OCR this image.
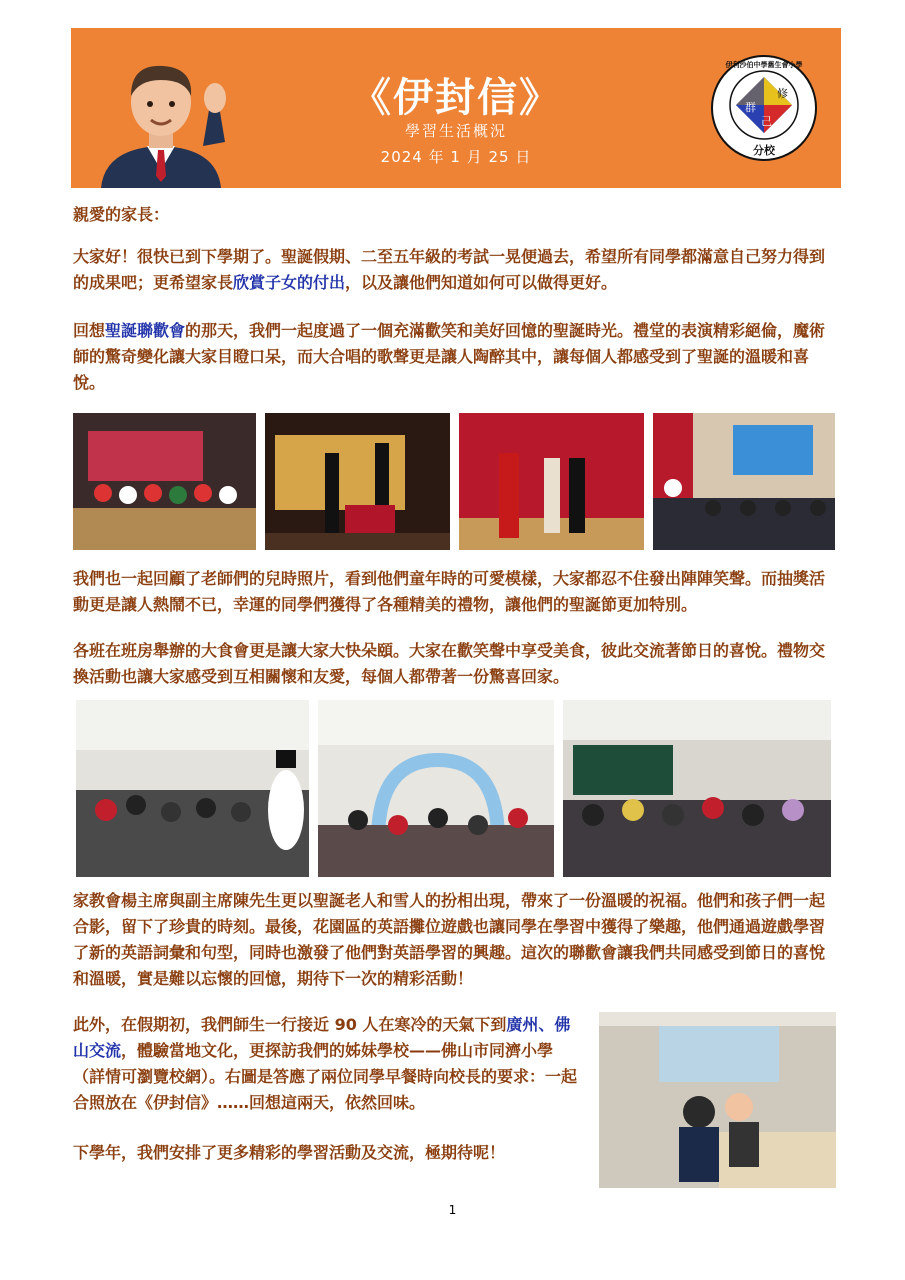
《伊封信》
學習生活概況
2024 年 1 月 25 日
修
群
己
分校
伊利沙伯中學舊生會小學

親愛的家長：

大家好！很快已到下學期了。聖誕假期、二至五年級的考試一晃便過去，希望所有同學都滿意自己努力得到的成果吧；更希望家長欣賞子女的付出，以及讓他們知道如何可以做得更好。

回想聖誕聯歡會的那天，我們一起度過了一個充滿歡笑和美好回憶的聖誕時光。禮堂的表演精彩絕倫，魔術師的驚奇變化讓大家目瞪口呆，而大合唱的歌聲更是讓人陶醉其中，讓每個人都感受到了聖誕的溫暖和喜悅。

我們也一起回顧了老師們的兒時照片，看到他們童年時的可愛模樣，大家都忍不住發出陣陣笑聲。而抽獎活動更是讓人熱鬧不已，幸運的同學們獲得了各種精美的禮物，讓他們的聖誕節更加特別。

各班在班房舉辦的大食會更是讓大家大快朵頤。大家在歡笑聲中享受美食，彼此交流著節日的喜悅。禮物交換活動也讓大家感受到互相關懷和友愛，每個人都帶著一份驚喜回家。

家教會楊主席與副主席陳先生更以聖誕老人和雪人的扮相出現，帶來了一份溫暖的祝福。他們和孩子們一起合影，留下了珍貴的時刻。最後，花園區的英語攤位遊戲也讓同學在學習中獲得了樂趣，他們通過遊戲學習了新的英語詞彙和句型，同時也激發了他們對英語學習的興趣。這次的聯歡會讓我們共同感受到節日的喜悅和溫暖，實是難以忘懷的回憶，期待下一次的精彩活動！

此外，在假期初，我們師生一行接近 90 人在寒冷的天氣下到廣州、佛山交流，體驗當地文化，更探訪我們的姊妹學校——佛山市同濟小學（詳情可瀏覽校網）。右圖是答應了兩位同學早餐時向校長的要求：一起合照放在《伊封信》……回想這兩天，依然回味。

下學年，我們安排了更多精彩的學習活動及交流，極期待呢！

1
